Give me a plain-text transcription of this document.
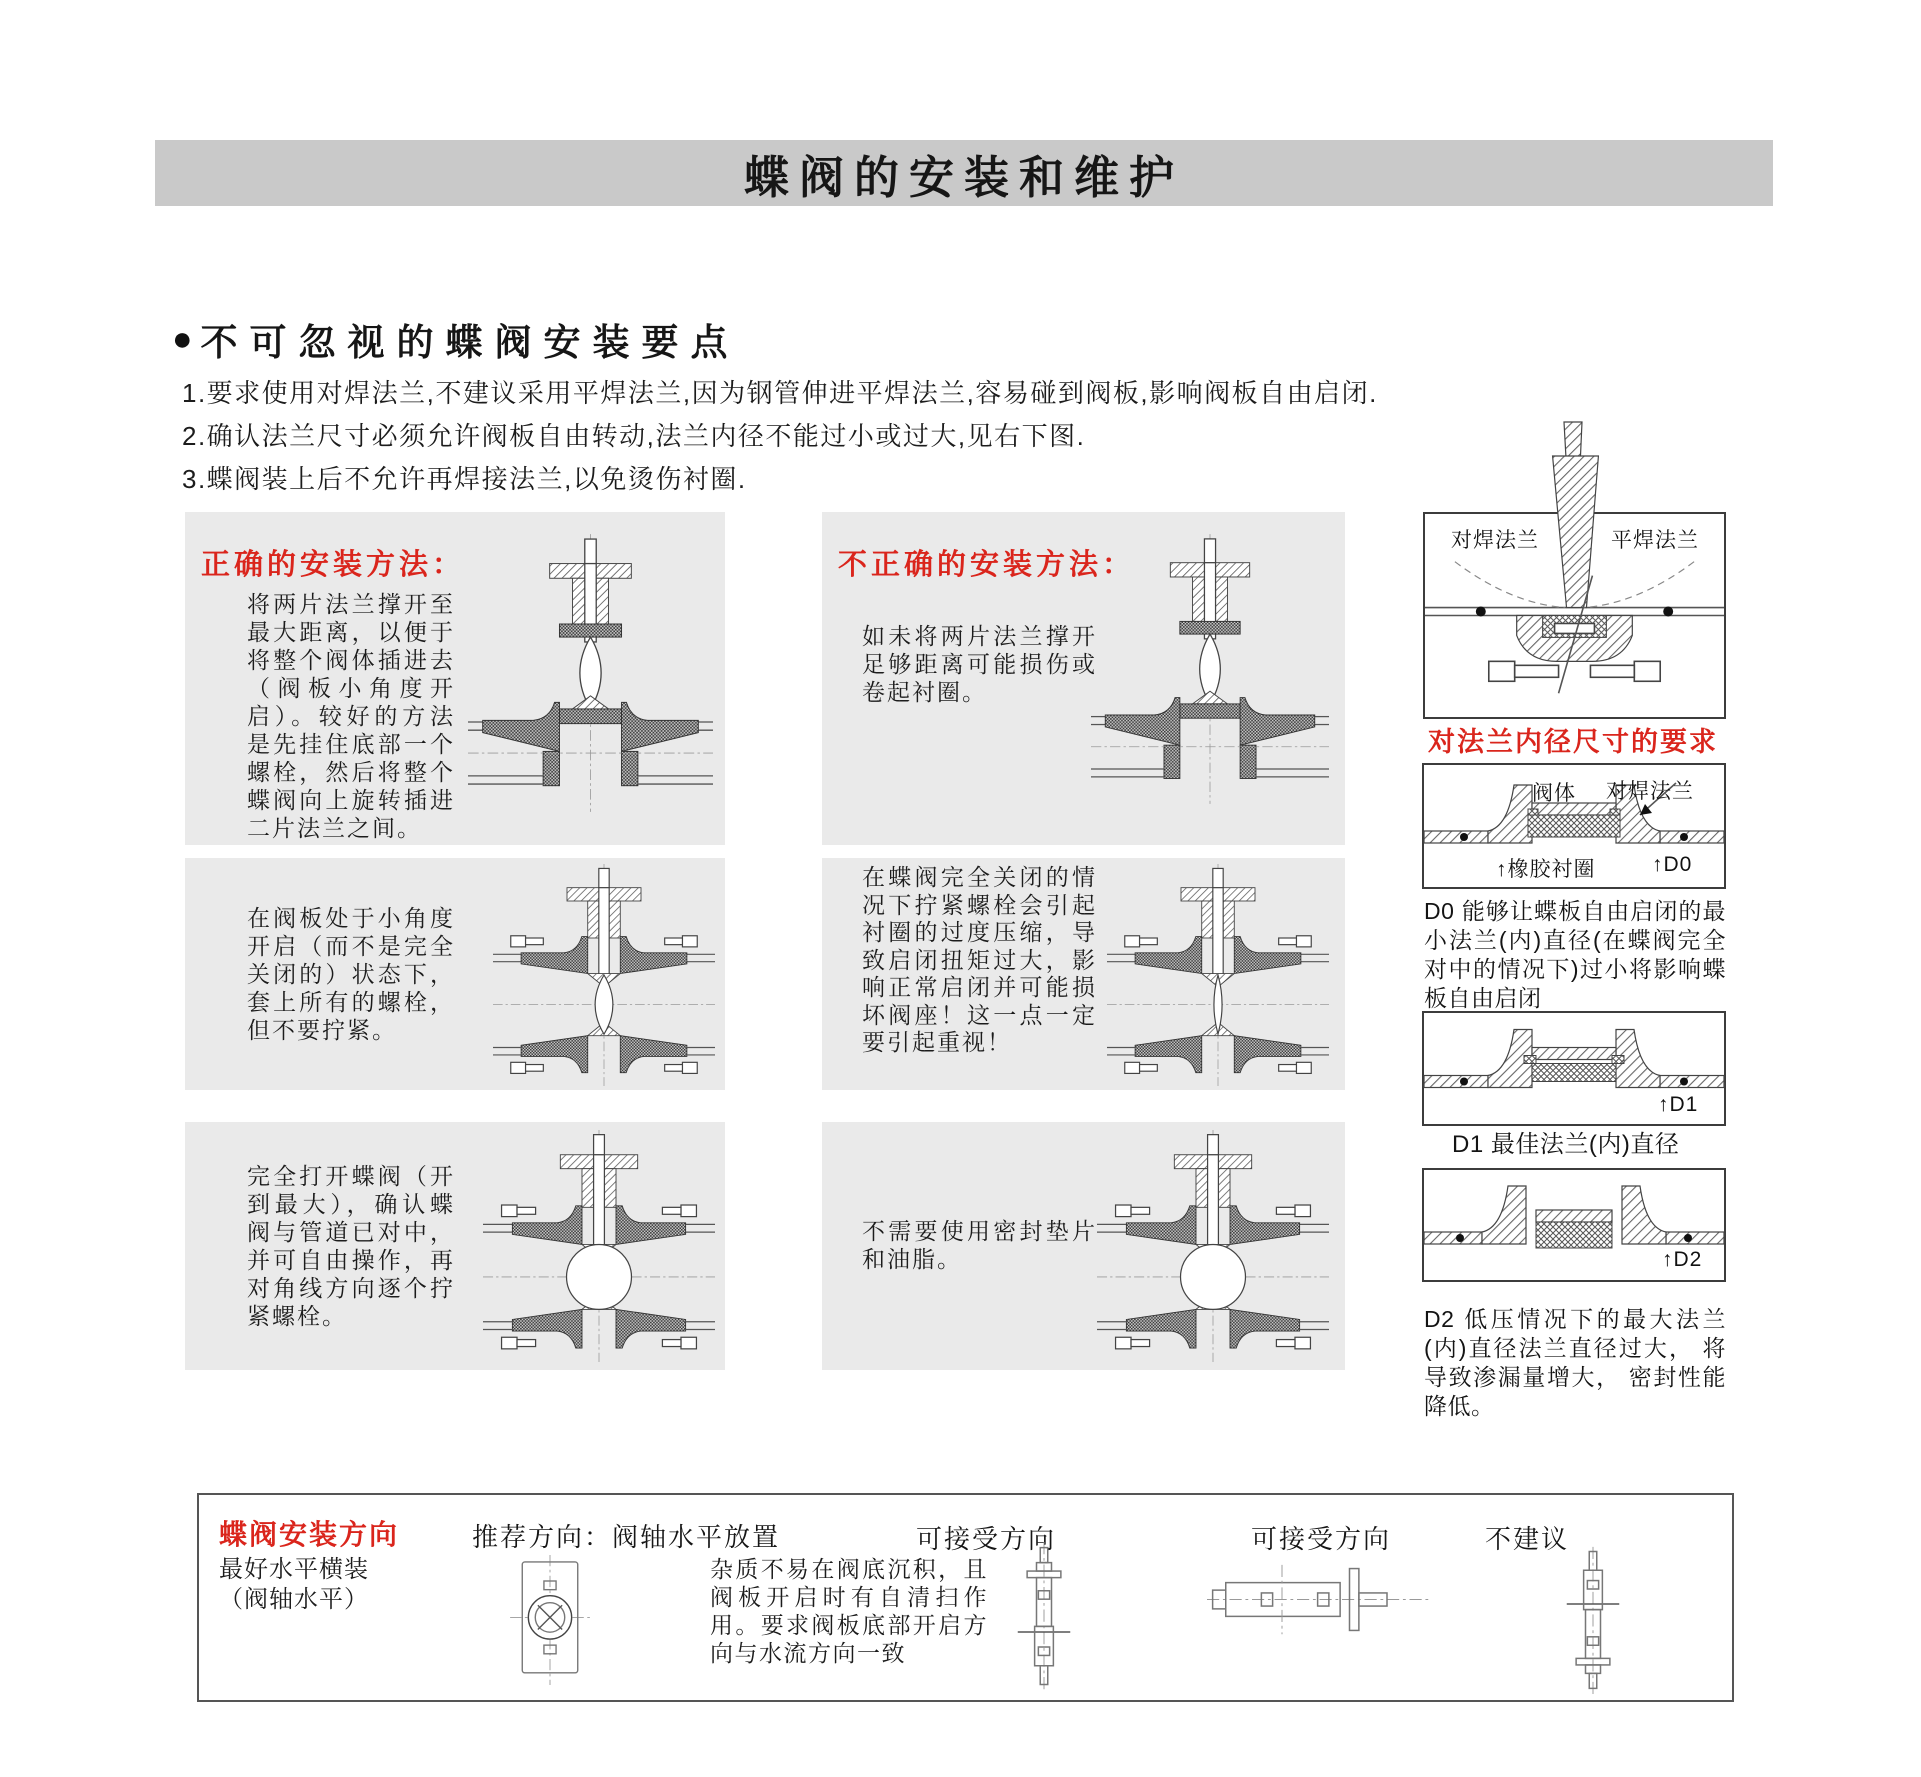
蝶阀的安装和维护
● 不可忽视的蝶阀安装要点
1.要求使用对焊法兰,不建议采用平焊法兰,因为钢管伸进平焊法兰,容易碰到阀板,影响阀板自由启闭.
2.确认法兰尺寸必须允许阀板自由转动,法兰内径不能过小或过大,见右下图.
3.蝶阀装上后不允许再焊接法兰,以免烫伤衬圈.
正确的安装方法：
将两片法兰撑开至最大距离，以便于将整个阀体插进去（阀板小角度开启）。较好的方法是先挂住底部一个螺栓，然后将整个蝶阀向上旋转插进二片法兰之间。
在阀板处于小角度开启（而不是完全关闭的）状态下，套上所有的螺栓，但不要拧紧。
完全打开蝶阀（开到最大），确认蝶阀与管道已对中，并可自由操作，再对角线方向逐个拧紧螺栓。
不正确的安装方法：
如未将两片法兰撑开足够距离可能损伤或卷起衬圈。
在蝶阀完全关闭的情况下拧紧螺栓会引起衬圈的过度压缩，导致启闭扭矩过大，影响正常启闭并可能损坏阀座！这一点一定要引起重视！
不需要使用密封垫片和油脂。
对焊法兰	平焊法兰
对法兰内径尺寸的要求
阀体 对焊法兰
↑橡胶衬圈	↑D0
D0 能够让蝶板自由启闭的最小法兰(内)直径(在蝶阀完全对中的情况下)过小将影响蝶板自由启闭
↑D1
D1 最佳法兰(内)直径
↑D2
D2 低压情况下的最大法兰(内)直径法兰直径过大， 将导致渗漏量增大， 密封性能降低。
蝶阀安装方向
最好水平横装
（阀轴水平）
推荐方向：阀轴水平放置
杂质不易在阀底沉积，且阀板开启时有自清扫作用。要求阀板底部开启方向与水流方向一致
可接受方向	可接受方向	不建议
